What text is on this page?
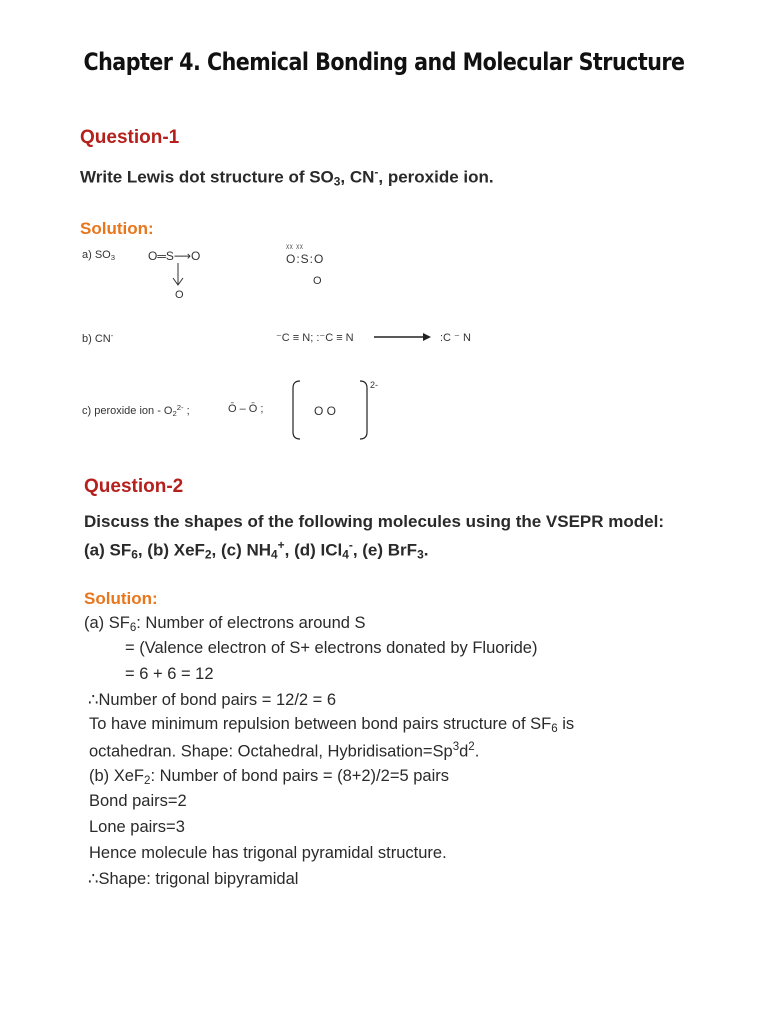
Chapter 4. Chemical Bonding and Molecular Structure
Question-1
Write Lewis dot structure of $SO_3$, CN-, peroxide ion.
Solution:
a) $SO_3$	O═S⟶O
O
ᵡᵡ ᵡᵡ
O:S:O
O
b) CN-	⁻C ≡ N; :⁻C ≡ N	:C ⁻ N
c) peroxide ion - $O_2^{2-}$ ;	Ō – Ō ;
2-
O O
Question-2
Discuss the shapes of the following molecules using the VSEPR model:
(a) $SF_6$, (b) XeF$_2$, (c) $NH_4^+$, (d) ICl$_4$-, (e) BrF$_3$.
Solution:
(a) $SF_6$: Number of electrons around S
= (Valence electron of S+ electrons donated by Fluoride)
= 6 + 6 = 12
∴Number of bond pairs = 12/2 = 6
To have minimum repulsion between bond pairs structure of $SF_6$ is
octahedran. Shape: Octahedral, $Hybridisation=Sp^3d^2$.
(b) XeF$_2$: Number of bond pairs = (8+2)/2=5 pairs
Bond pairs=2
Lone pairs=3
Hence molecule has trigonal pyramidal structure.
∴Shape: trigonal bipyramidal
